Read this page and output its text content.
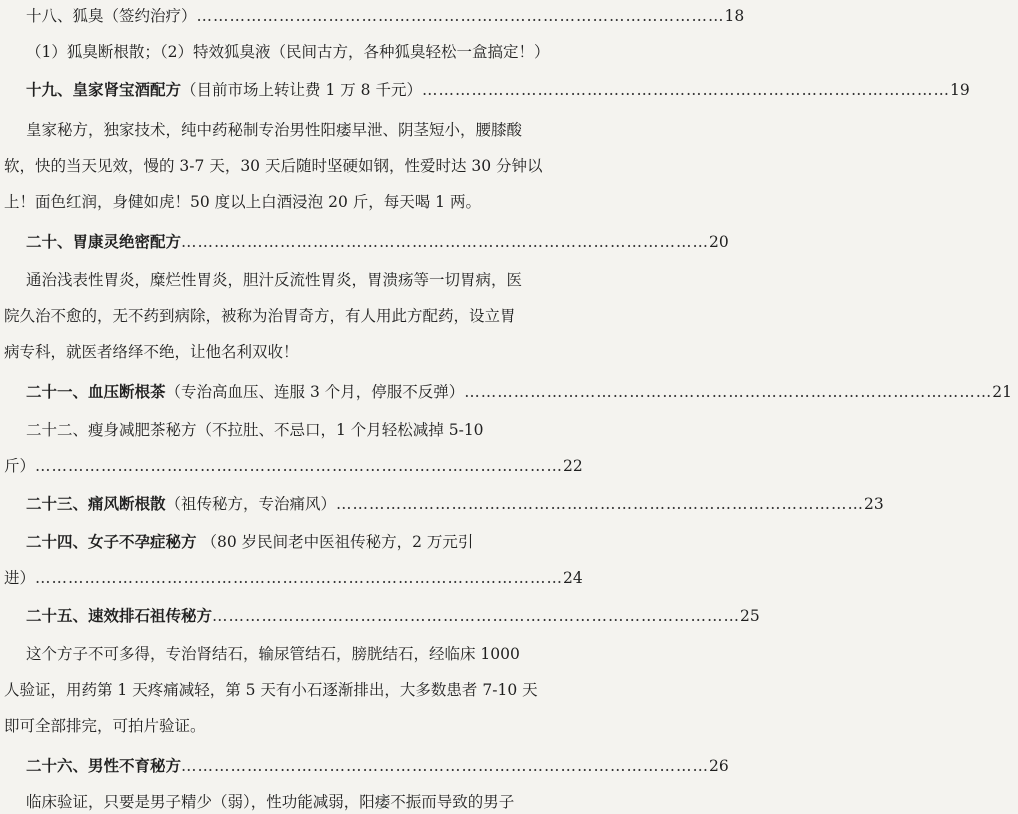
十八、狐臭（签约治疗） …………………………………………………………………………………… 18
（1）狐臭断根散；（2）特效狐臭液（民间古方，各种狐臭轻松一盒搞定！）
十九、皇家肾宝酒配方 （目前市场上转让费 1 万 8 千元） …………………………………………………………………………………… 19
皇家秘方，独家技术，纯中药秘制专治男性阳痿早泄、阴茎短小，腰膝酸
软，快的当天见效，慢的 3-7 天，30 天后随时坚硬如钢，性爱时达 30 分钟以
上！面色红润，身健如虎！50 度以上白酒浸泡 20 斤，每天喝 1 两。
二十、胃康灵绝密配方 …………………………………………………………………………………… 20
通治浅表性胃炎，糜烂性胃炎，胆汁反流性胃炎，胃溃疡等一切胃病，医
院久治不愈的，无不药到病除，被称为治胃奇方，有人用此方配药，设立胃
病专科，就医者络绎不绝，让他名利双收！
二十一、血压断根茶 （专治高血压、连服 3 个月，停服不反弹） …………………………………………………………………………………… 21
二十二、瘦身减肥茶秘方（不拉肚、不忌口，1 个月轻松减掉 5-10
斤） …………………………………………………………………………………… 22
二十三、痛风断根散 （祖传秘方，专治痛风） …………………………………………………………………………………… 23
二十四、女子不孕症秘方 （80 岁民间老中医祖传秘方，2 万元引
进） …………………………………………………………………………………… 24
二十五、速效排石祖传秘方 …………………………………………………………………………………… 25
这个方子不可多得，专治肾结石，输尿管结石，膀胱结石，经临床 1000
人验证，用药第 1 天疼痛减轻，第 5 天有小石逐渐排出，大多数患者 7-10 天
即可全部排完，可拍片验证。
二十六、男性不育秘方 …………………………………………………………………………………… 26
临床验证，只要是男子精少（弱），性功能减弱，阳痿不振而导致的男子
